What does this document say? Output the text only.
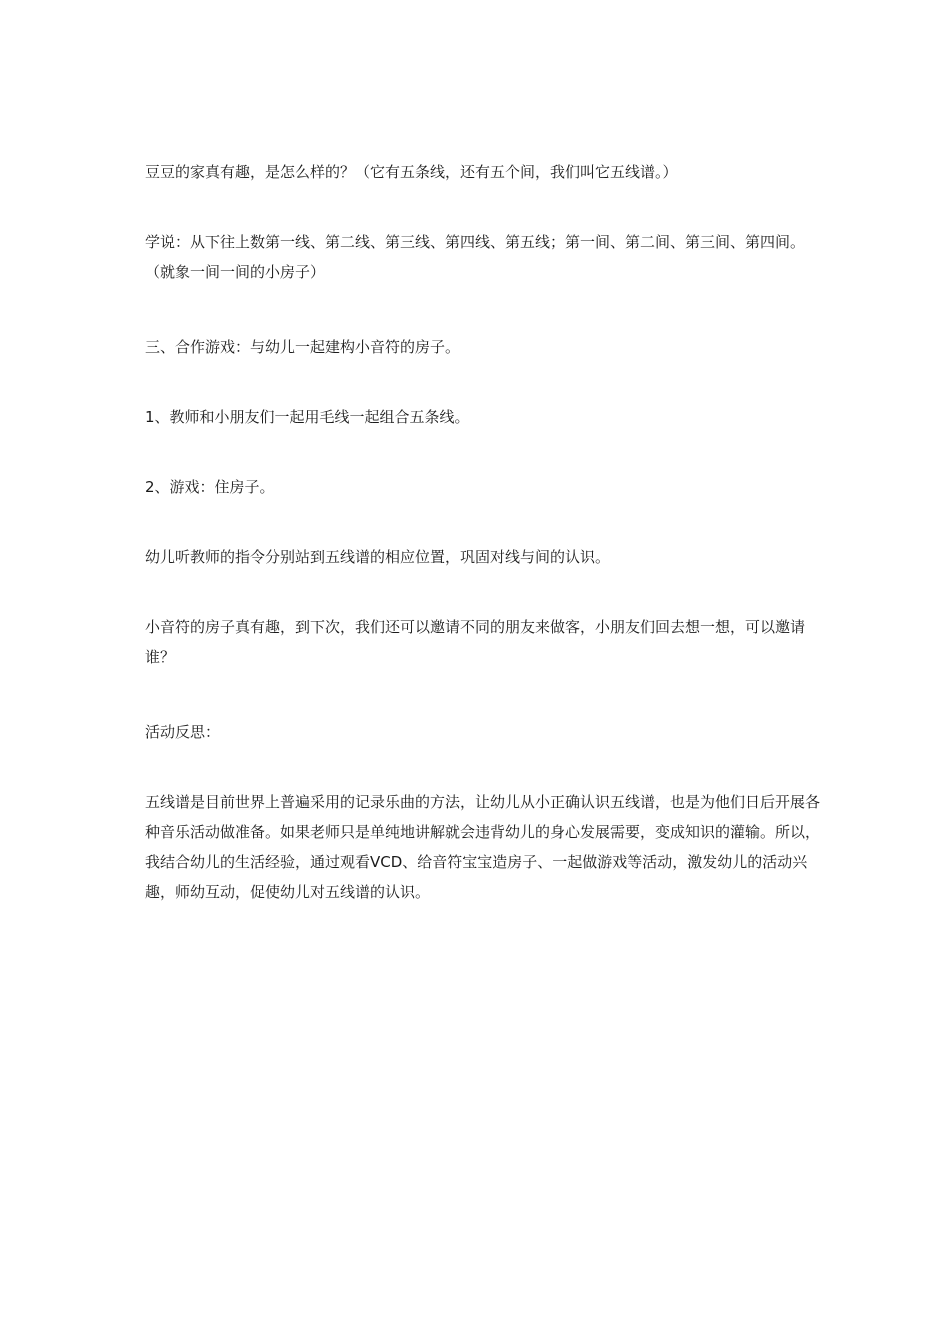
豆豆的家真有趣，是怎么样的？（它有五条线，还有五个间，我们叫它五线谱。）

学说：从下往上数第一线、第二线、第三线、第四线、第五线；第一间、第二间、第三间、第四间。（就象一间一间的小房子）

三、合作游戏：与幼儿一起建构小音符的房子。

1、教师和小朋友们一起用毛线一起组合五条线。

2、游戏：住房子。

幼儿听教师的指令分别站到五线谱的相应位置，巩固对线与间的认识。

小音符的房子真有趣，到下次，我们还可以邀请不同的朋友来做客，小朋友们回去想一想，可以邀请谁？

活动反思：

五线谱是目前世界上普遍采用的记录乐曲的方法，让幼儿从小正确认识五线谱，也是为他们日后开展各种音乐活动做准备。如果老师只是单纯地讲解就会违背幼儿的身心发展需要，变成知识的灌输。所以，我结合幼儿的生活经验，通过观看VCD、给音符宝宝造房子、一起做游戏等活动，激发幼儿的活动兴趣，师幼互动，促使幼儿对五线谱的认识。
